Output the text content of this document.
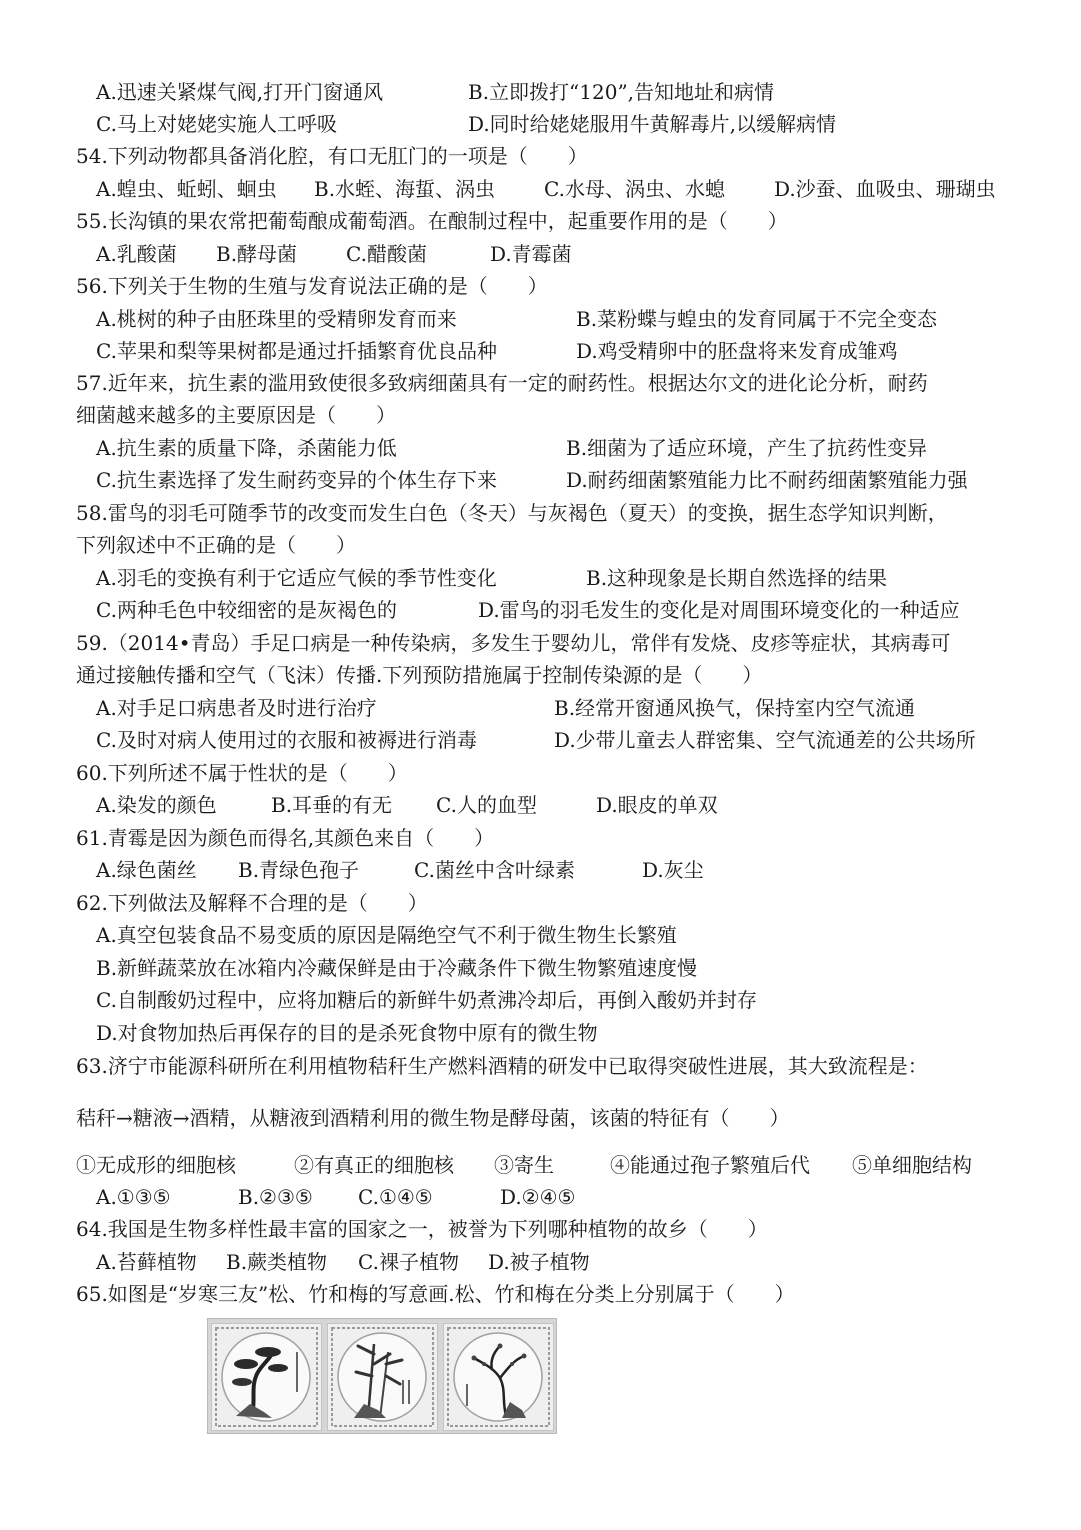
A.迅速关紧煤气阀,打开门窗通风	B.立即拨打“120”,告知地址和病情
C.马上对姥姥实施人工呼吸	D.同时给姥姥服用牛黄解毒片,以缓解病情
54.下列动物都具备消化腔，有口无肛门的一项是（　　）
A.蝗虫、蚯蚓、蛔虫 B.水蛭、海蜇、涡虫 C.水母、涡虫、水螅 D.沙蚕、血吸虫、珊瑚虫
55.长沟镇的果农常把葡萄酿成葡萄酒。在酿制过程中，起重要作用的是（　　）
A.乳酸菌 B.酵母菌 C.醋酸菌	D.青霉菌
56.下列关于生物的生殖与发育说法正确的是（　　）
A.桃树的种子由胚珠里的受精卵发育而来	B.菜粉蝶与蝗虫的发育同属于不完全变态
C.苹果和梨等果树都是通过扦插繁育优良品种	D.鸡受精卵中的胚盘将来发育成雏鸡
57.近年来，抗生素的滥用致使很多致病细菌具有一定的耐药性。根据达尔文的进化论分析，耐药
细菌越来越多的主要原因是（　　）
A.抗生素的质量下降，杀菌能力低	B.细菌为了适应环境，产生了抗药性变异
C.抗生素选择了发生耐药变异的个体生存下来	D.耐药细菌繁殖能力比不耐药细菌繁殖能力强
58.雷鸟的羽毛可随季节的改变而发生白色（冬天）与灰褐色（夏天）的变换，据生态学知识判断，
下列叙述中不正确的是（　　）
A.羽毛的变换有利于它适应气候的季节性变化	B.这种现象是长期自然选择的结果
C.两种毛色中较细密的是灰褐色的	D.雷鸟的羽毛发生的变化是对周围环境变化的一种适应
59.（2014•青岛）手足口病是一种传染病，多发生于婴幼儿，常伴有发烧、皮疹等症状，其病毒可
通过接触传播和空气（飞沫）传播.下列预防措施属于控制传染源的是（　　）
A.对手足口病患者及时进行治疗	B.经常开窗通风换气，保持室内空气流通
C.及时对病人使用过的衣服和被褥进行消毒	D.少带儿童去人群密集、空气流通差的公共场所
60.下列所述不属于性状的是（　　）
A.染发的颜色	B.耳垂的有无 C.人的血型	D.眼皮的单双
61.青霉是因为颜色而得名,其颜色来自（　　）
A.绿色菌丝 B.青绿色孢子	C.菌丝中含叶绿素	D.灰尘
62.下列做法及解释不合理的是（　　）
A.真空包装食品不易变质的原因是隔绝空气不利于微生物生长繁殖
B.新鲜蔬菜放在冰箱内冷藏保鲜是由于冷藏条件下微生物繁殖速度慢
C.自制酸奶过程中，应将加糖后的新鲜牛奶煮沸冷却后，再倒入酸奶并封存
D.对食物加热后再保存的目的是杀死食物中原有的微生物
63.济宁市能源科研所在利用植物秸秆生产燃料酒精的研发中已取得突破性进展，其大致流程是：
秸秆→糖液→酒精，从糖液到酒精利用的微生物是酵母菌，该菌的特征有（　　）
①无成形的细胞核	②有真正的细胞核 ③寄生	④能通过孢子繁殖后代 ⑤单细胞结构
A.①③⑤	B.②③⑤ C.①④⑤	D.②④⑤
64.我国是生物多样性最丰富的国家之一，被誉为下列哪种植物的故乡（　　）
A.苔藓植物 B.蕨类植物 C.裸子植物 D.被子植物
65.如图是“岁寒三友”松、竹和梅的写意画.松、竹和梅在分类上分别属于（　　）
